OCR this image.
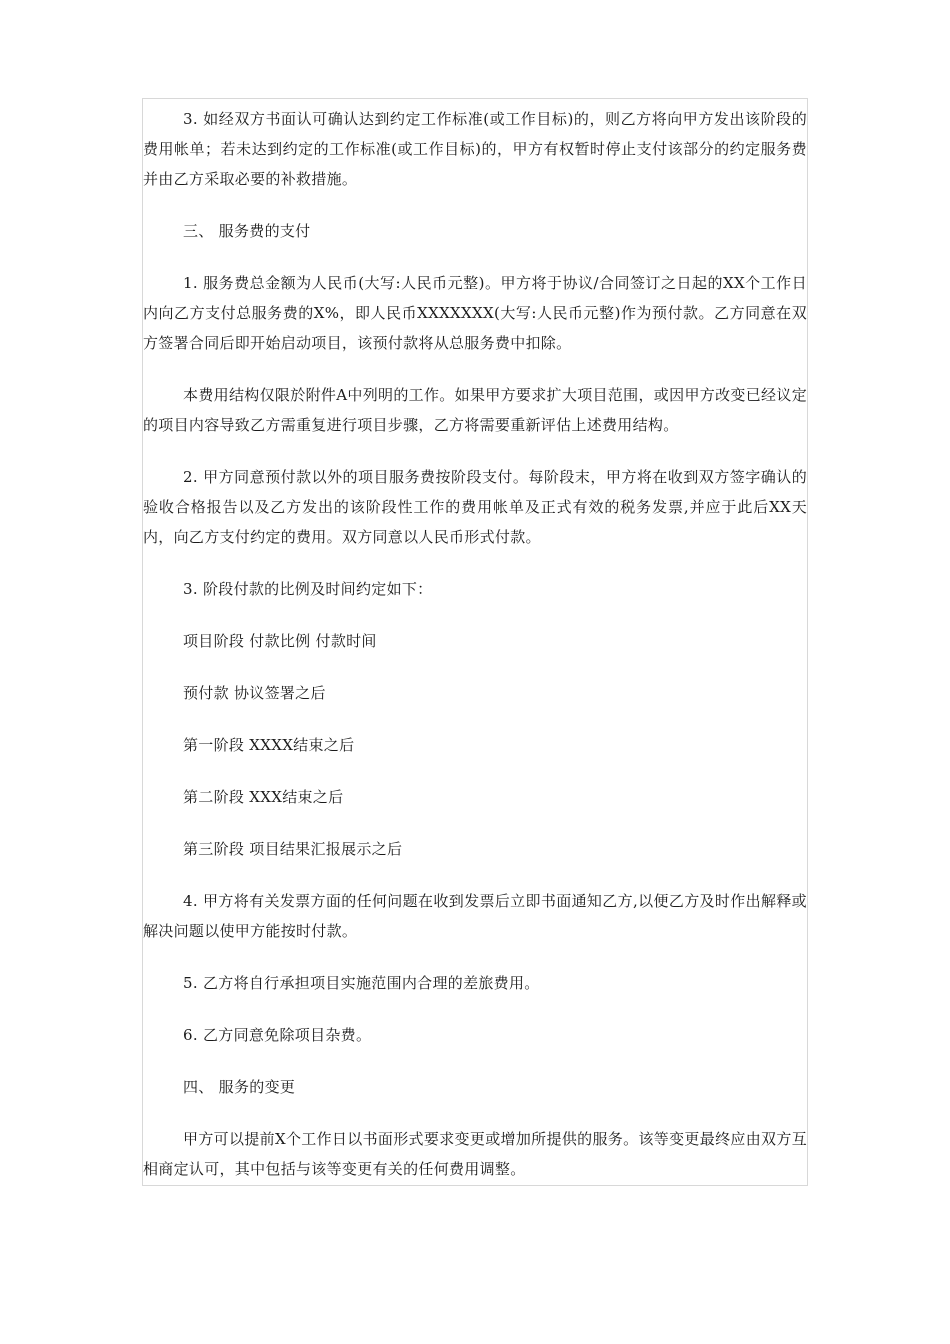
3. 如经双方书面认可确认达到约定工作标准(或工作目标)的，则乙方将向甲方发出该阶段的费用帐单；若未达到约定的工作标准(或工作目标)的，甲方有权暂时停止支付该部分的约定服务费并由乙方采取必要的补救措施。

三、 服务费的支付

1. 服务费总金额为人民币(大写:人民币元整)。甲方将于协议/合同签订之日起的XX个工作日内向乙方支付总服务费的X%，即人民币XXXXXXX(大写:人民币元整)作为预付款。乙方同意在双方签署合同后即开始启动项目，该预付款将从总服务费中扣除。

本费用结构仅限於附件A中列明的工作。如果甲方要求扩大项目范围，或因甲方改变已经议定的项目内容导致乙方需重复进行项目步骤，乙方将需要重新评估上述费用结构。

2. 甲方同意预付款以外的项目服务费按阶段支付。每阶段末，甲方将在收到双方签字确认的验收合格报告以及乙方发出的该阶段性工作的费用帐单及正式有效的税务发票,并应于此后XX天内，向乙方支付约定的费用。双方同意以人民币形式付款。

3. 阶段付款的比例及时间约定如下：

项目阶段 付款比例 付款时间

预付款 协议签署之后

第一阶段 XXXX结束之后

第二阶段 XXX结束之后

第三阶段 项目结果汇报展示之后

4. 甲方将有关发票方面的任何问题在收到发票后立即书面通知乙方,以便乙方及时作出解释或解决问题以使甲方能按时付款。

5. 乙方将自行承担项目实施范围内合理的差旅费用。

6. 乙方同意免除项目杂费。

四、 服务的变更

甲方可以提前X个工作日以书面形式要求变更或增加所提供的服务。该等变更最终应由双方互相商定认可，其中包括与该等变更有关的任何费用调整。
